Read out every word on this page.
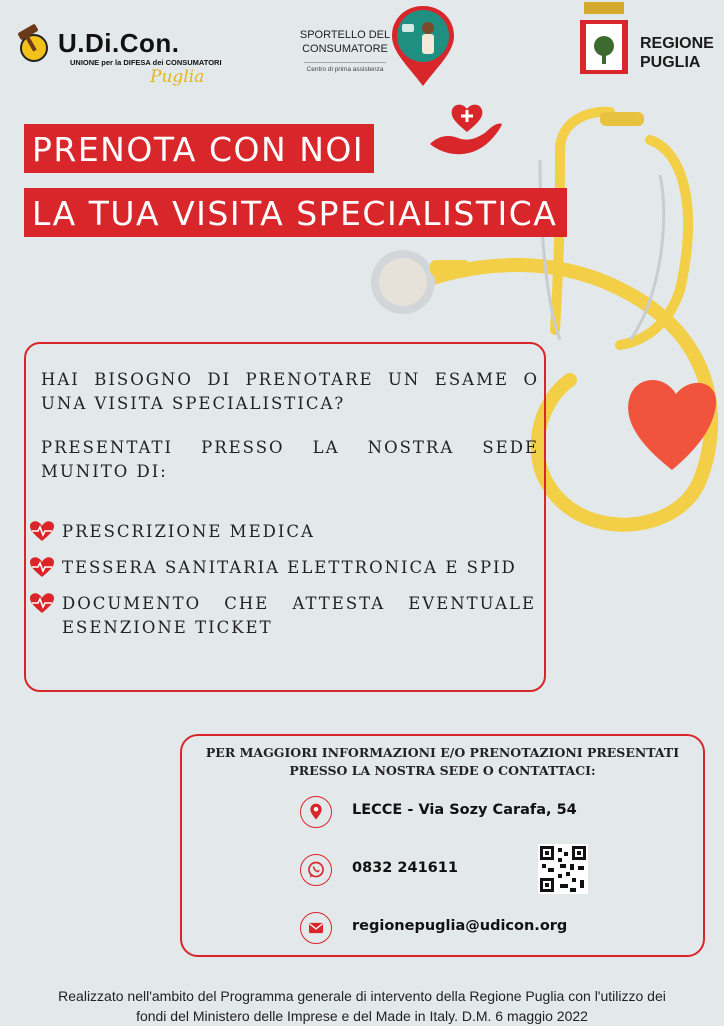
U.Di.Con.
UNIONE per la DIFESA dei CONSUMATORI
Puglia
SPORTELLO DEL
CONSUMATORE
Centro di prima assistenza
REGIONE
PUGLIA
PRENOTA CON NOI
LA TUA VISITA SPECIALISTICA
HAI BISOGNO DI PRENOTARE UN ESAME O
UNA VISITA SPECIALISTICA?
PRESENTATI PRESSO LA NOSTRA SEDE
MUNITO DI:
PRESCRIZIONE MEDICA
TESSERA SANITARIA ELETTRONICA E SPID
DOCUMENTO CHE ATTESTA EVENTUALE
ESENZIONE TICKET
PER MAGGIORI INFORMAZIONI E/O PRENOTAZIONI PRESENTATI
PRESSO LA NOSTRA SEDE O CONTATTACI:
LECCE - Via Sozy Carafa, 54
0832 241611
regionepuglia@udicon.org
Realizzato nell'ambito del Programma generale di intervento della Regione Puglia con l'utilizzo dei
fondi del Ministero delle Imprese e del Made in Italy. D.M. 6 maggio 2022
